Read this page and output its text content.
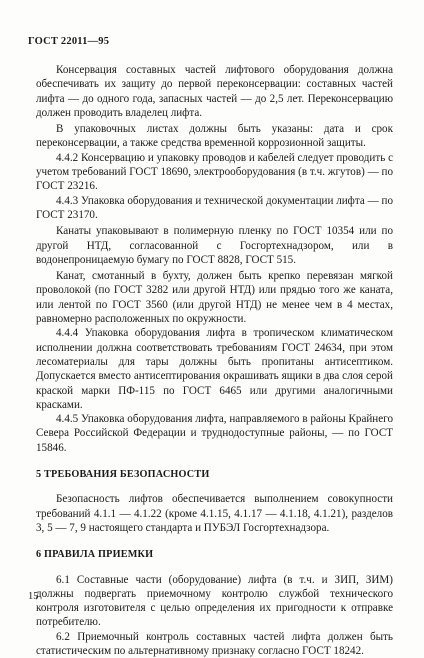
ГОСТ 22011—95

Консервация составных частей лифтового оборудования должна обеспечивать их защиту до первой переконсервации: составных частей лифта — до одного года, запасных частей — до 2,5 лет. Переконсервацию должен проводить владелец лифта.

В упаковочных листах должны быть указаны: дата и срок переконсервации, а также средства временной коррозионной защиты.

4.4.2 Консервацию и упаковку проводов и кабелей следует проводить с учетом требований ГОСТ 18690, электрооборудования (в т.ч. жгутов) — по ГОСТ 23216.

4.4.3 Упаковка оборудования и технической документации лифта — по ГОСТ 23170.

Канаты упаковывают в полимерную пленку по ГОСТ 10354 или по другой НТД, согласованной с Госгортехнадзором, или в водонепроницаемую бумагу по ГОСТ 8828, ГОСТ 515.

Канат, смотанный в бухту, должен быть крепко перевязан мягкой проволокой (по ГОСТ 3282 или другой НТД) или прядью того же каната, или лентой по ГОСТ 3560 (или другой НТД) не менее чем в 4 местах, равномерно расположенных по окружности.

4.4.4 Упаковка оборудования лифта в тропическом климатическом исполнении должна соответствовать требованиям ГОСТ 24634, при этом лесоматериалы для тары должны быть пропитаны антисептиком. Допускается вместо антисептирования окрашивать ящики в два слоя серой краской марки ПФ-115 по ГОСТ 6465 или другими аналогичными красками.

4.4.5 Упаковка оборудования лифта, направляемого в районы Крайнего Севера Российской Федерации и труднодоступные районы, — по ГОСТ 15846.

5 ТРЕБОВАНИЯ БЕЗОПАСНОСТИ

Безопасность лифтов обеспечивается выполнением совокупности требований 4.1.1 — 4.1.22 (кроме 4.1.15, 4.1.17 — 4.1.18, 4.1.21), разделов 3, 5 — 7, 9 настоящего стандарта и ПУБЭЛ Госгортехнадзора.

6 ПРАВИЛА ПРИЕМКИ

6.1 Составные части (оборудование) лифта (в т.ч. и ЗИП, ЗИМ) должны подвергать приемочному контролю службой технического контроля изготовителя с целью определения их пригодности к отправке потребителю.

6.2 Приемочный контроль составных частей лифта должен быть статистическим по альтернативному признаку согласно ГОСТ 18242.

15
